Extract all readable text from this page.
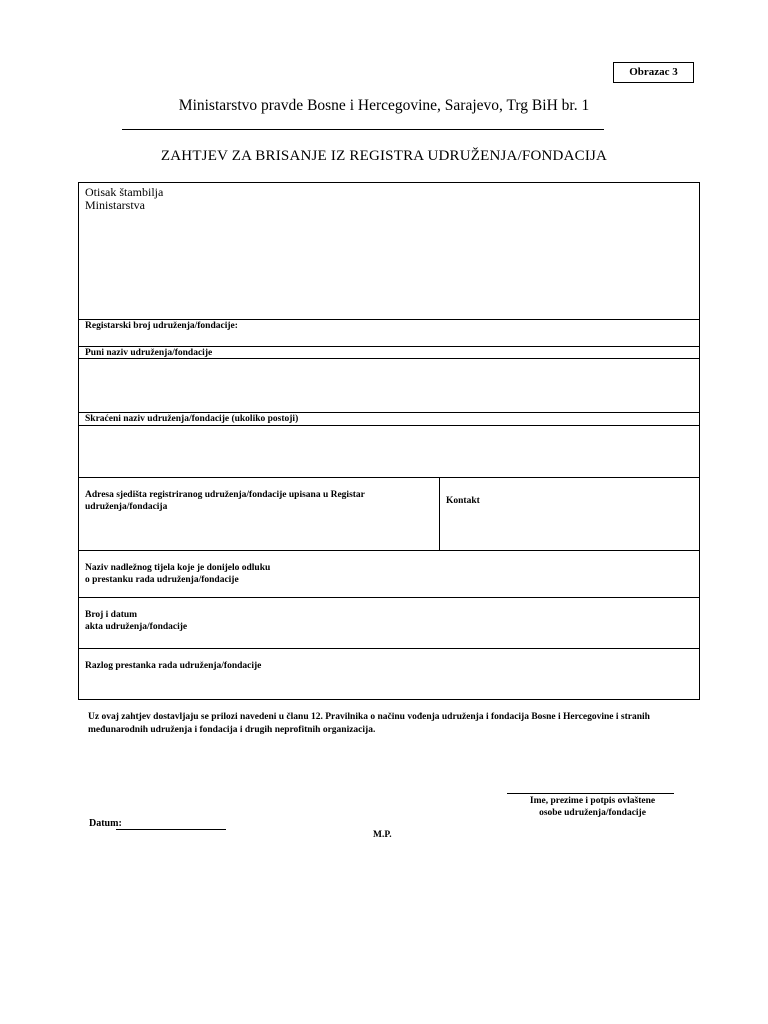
Obrazac 3
Ministarstvo pravde Bosne i Hercegovine, Sarajevo, Trg BiH br. 1
ZAHTJEV ZA BRISANJE IZ REGISTRA UDRUŽENJA/FONDACIJA
Otisak štambilja
Ministarstva
Registarski broj udruženja/fondacije:
Puni naziv udruženja/fondacije
Skraćeni naziv udruženja/fondacije (ukoliko postoji)
Adresa sjedišta registriranog udruženja/fondacije upisana u Registar
udruženja/fondacija
Kontakt
Naziv nadležnog tijela koje je donijelo odluku
o prestanku rada udruženja/fondacije
Broj i datum
akta udruženja/fondacije
Razlog prestanka rada udruženja/fondacije
Uz ovaj zahtjev dostavljaju se prilozi navedeni u članu 12. Pravilnika o načinu vođenja udruženja i fondacija Bosne i Hercegovine i stranih međunarodnih udruženja i fondacija i drugih neprofitnih organizacija.
Ime, prezime i potpis ovlaštene
osobe udruženja/fondacije
Datum:
M.P.
